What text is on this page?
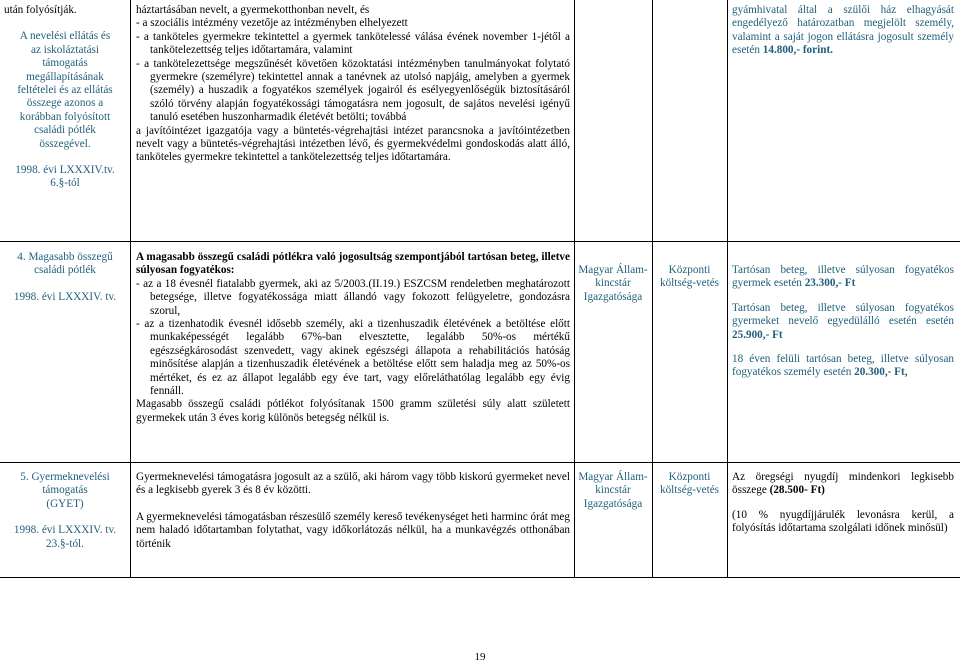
után folyósítják.
A nevelési ellátás és
az iskoláztatási
támogatás
megállapításának
feltételei és az ellátás
összege azonos a
korábban folyósított
családi pótlék
összegével.
1998. évi LXXXIV.tv.
6.§-tól

háztartásában nevelt, a gyermekotthonban nevelt, és

- a szociális intézmény vezetője az intézményben elhelyezett

- a tanköteles gyermekre tekintettel a gyermek tankötelessé válása évének november 1-jétől a tankötelezettség teljes időtartamára, valamint

- a tankötelezettsége megszűnését követően közoktatási intézményben tanulmányokat folytató gyermekre (személyre) tekintettel annak a tanévnek az utolsó napjáig, amelyben a gyermek (személy) a huszadik a fogyatékos személyek jogairól és esélyegyenlőségük biztosításáról szóló törvény alapján fogyatékossági támogatásra nem jogosult, de sajátos nevelési igényű tanuló esetében huszonharmadik életévét betölti; továbbá

a javítóintézet igazgatója vagy a büntetés-végrehajtási intézet parancsnoka a javítóintézetben nevelt vagy a büntetés-végrehajtási intézetben lévő, és gyermekvédelmi gondoskodás alatt álló, tanköteles gyermekre tekintettel a tankötelezettség teljes időtartamára.

gyámhivatal által a szülői ház elhagyását engedélyező határozatban megjelölt személy, valamint a saját jogon ellátásra jogosult személy esetén 14.800,- forint.

4. Magasabb összegű családi pótlék
1998. évi LXXXIV. tv.

A magasabb összegű családi pótlékra való jogosultság szempontjából tartósan beteg, illetve súlyosan fogyatékos:

- az a 18 évesnél fiatalabb gyermek, aki az 5/2003.(II.19.) ESZCSM rendeletben meghatározott betegsége, illetve fogyatékossága miatt állandó vagy fokozott felügyeletre, gondozásra szorul,

- az a tizenhatodik évesnél idősebb személy, aki a tizenhuszadik életévének a betöltése előtt munkaképességét legalább 67%-ban elvesztette, legalább 50%-os mértékű egészségkárosodást szenvedett, vagy akinek egészségi állapota a rehabilitációs hatóság minősítése alapján a tizenhuszadik életévének a betöltése előtt sem haladja meg az 50%-os mértéket, és ez az állapot legalább egy éve tart, vagy előreláthatólag legalább egy évig fennáll.

Magasabb összegű családi pótlékot folyósítanak 1500 gramm születési súly alatt született gyermekek után 3 éves korig különös betegség nélkül is.

Magyar Állam-kincstár Igazgatósága
Központi költség-vetés

Tartósan beteg, illetve súlyosan fogyatékos gyermek esetén 23.300,- Ft

Tartósan beteg, illetve súlyosan fogyatékos gyermeket nevelő egyedülálló esetén esetén 25.900,- Ft

18 éven felüli tartósan beteg, illetve súlyosan fogyatékos személy esetén 20.300,- Ft,

5. Gyermeknevelési támogatás
(GYET)
1998. évi LXXXIV. tv. 23.§-tól.

Gyermeknevelési támogatásra jogosult az a szülő, aki három vagy több kiskorú gyermeket nevel és a legkisebb gyerek 3 és 8 év közötti.

A gyermeknevelési támogatásban részesülő személy kereső tevékenységet heti harminc órát meg nem haladó időtartamban folytathat, vagy időkorlátozás nélkül, ha a munkavégzés otthonában történik

Magyar Állam-kincstár Igazgatósága
Központi költség-vetés

Az öregségi nyugdíj mindenkori legkisebb összege (28.500- Ft)

(10 % nyugdíjjárulék levonásra kerül, a folyósítás időtartama szolgálati időnek minősül)

19
